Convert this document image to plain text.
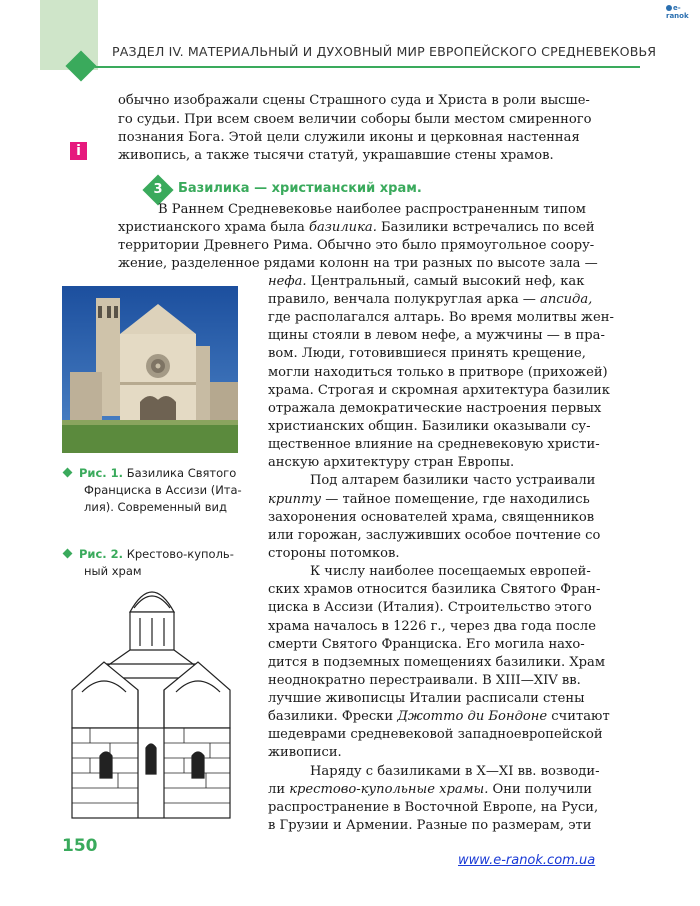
РАЗДЕЛ IV. МАТЕРИАЛЬНЫЙ И ДУХОВНЫЙ МИР ЕВРОПЕЙСКОГО СРЕДНЕВЕКОВЬЯ
e-ranok
i
обычно изображали сцены Страшного суда и Христа в роли высше-
го судьи. При всем своем величии соборы были местом смиренного
познания Бога. Этой цели служили иконы и церковная настенная
живопись, а также тысячи статуй, украшавшие стены храмов.
3	Базилика — христианский храм.
В Раннем Средневековье наиболее распространенным типом
христианского храма была базилика. Базилики встречались по всей
территории Древнего Рима. Обычно это было прямоугольное соору-
жение, разделенное рядами колонн на три разных по высоте зала —
нефа. Центральный, самый высокий неф, как
правило, венчала полукруглая арка — апсида,
где располагался алтарь. Во время молитвы жен-
щины стояли в левом нефе, а мужчины — в пра-
вом. Люди, готовившиеся принять крещение,
могли находиться только в притворе (прихожей)
храма. Строгая и скромная архитектура базилик
отражала демократические настроения первых
христианских общин. Базилики оказывали су-
щественное влияние на средневековую христи-
анскую архитектуру стран Европы.
Под алтарем базилики часто устраивали
крипту — тайное помещение, где находились
захоронения основателей храма, священников
или горожан, заслуживших особое почтение со
стороны потомков.
К числу наиболее посещаемых европей-
ских храмов относится базилика Святого Фран-
циска в Ассизи (Италия). Строительство этого
храма началось в 1226 г., через два года после
смерти Святого Франциска. Его могила нахо-
дится в подземных помещениях базилики. Храм
неоднократно перестраивали. В XIII—XIV вв.
лучшие живописцы Италии расписали стены
базилики. Фрески Джотто ди Бондоне считают
шедеврами средневековой западноевропейской
живописи.
Наряду с базиликами в X—XI вв. возводи-
ли крестово-купольные храмы. Они получили
распространение в Восточной Европе, на Руси,
в Грузии и Армении. Разные по размерам, эти
Рис. 1. Базилика Святого
Франциска в Ассизи (Ита-
лия). Современный вид
Рис. 2. Крестово-куполь-
ный храм
150
www.e-ranok.com.ua
